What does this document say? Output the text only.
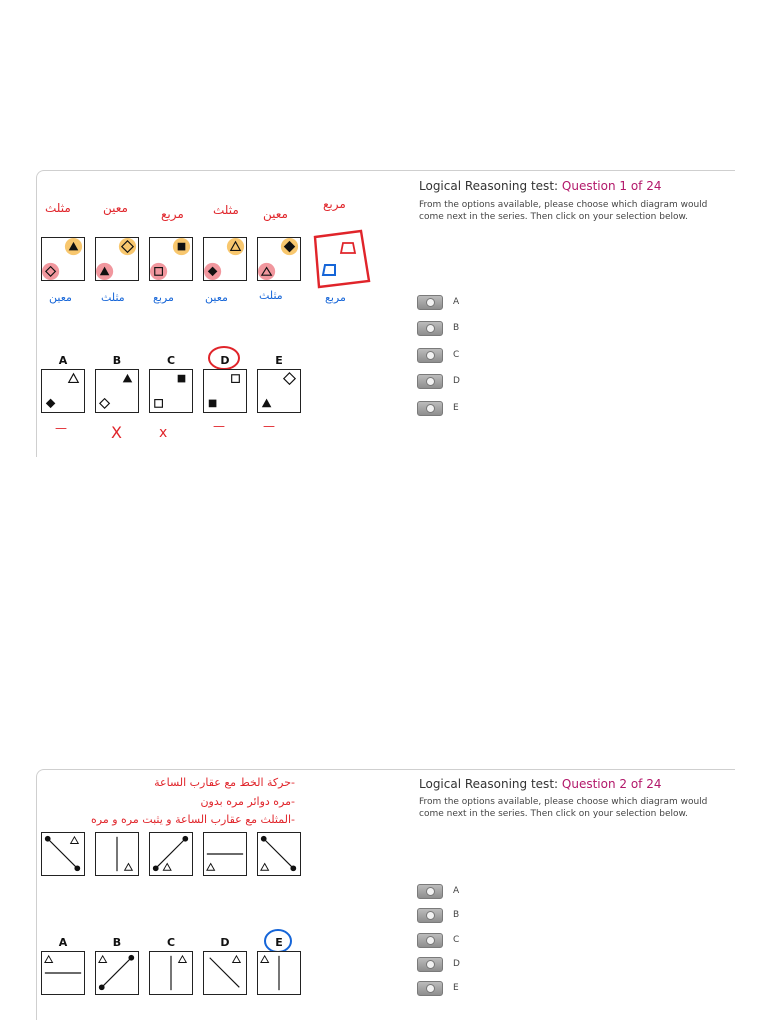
مثلث	معين	مربع مثلث معين
مربع
معين	مثلث	مربع	معين	مثلث	مربع
A	B	C	D	E
—	X	x	—	—
Logical Reasoning test: Question 1 of 24
From the options available, please choose which diagram would come next in the series. Then click on your selection below.
A
B
C
D
E
-حركة الخط مع عقارب الساعة
-مره دوائر مره بدون
-المثلث مع عقارب الساعة و يثبت مره و مره
A	B	C	D	E
Logical Reasoning test: Question 2 of 24
From the options available, please choose which diagram would come next in the series. Then click on your selection below.
A
B
C
D
E
